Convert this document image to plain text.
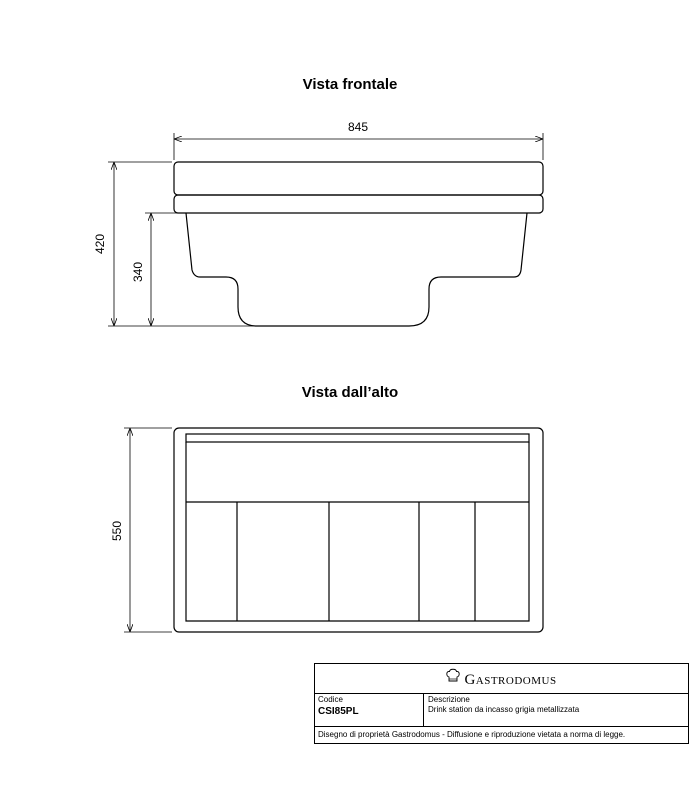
Vista frontale
Vista dall’alto
845
420
340
550
Gastrodomus
Codice
CSI85PL
Descrizione
Drink station da incasso grigia metallizzata
Disegno di proprietà Gastrodomus - Diffusione e riproduzione vietata a norma di legge.
